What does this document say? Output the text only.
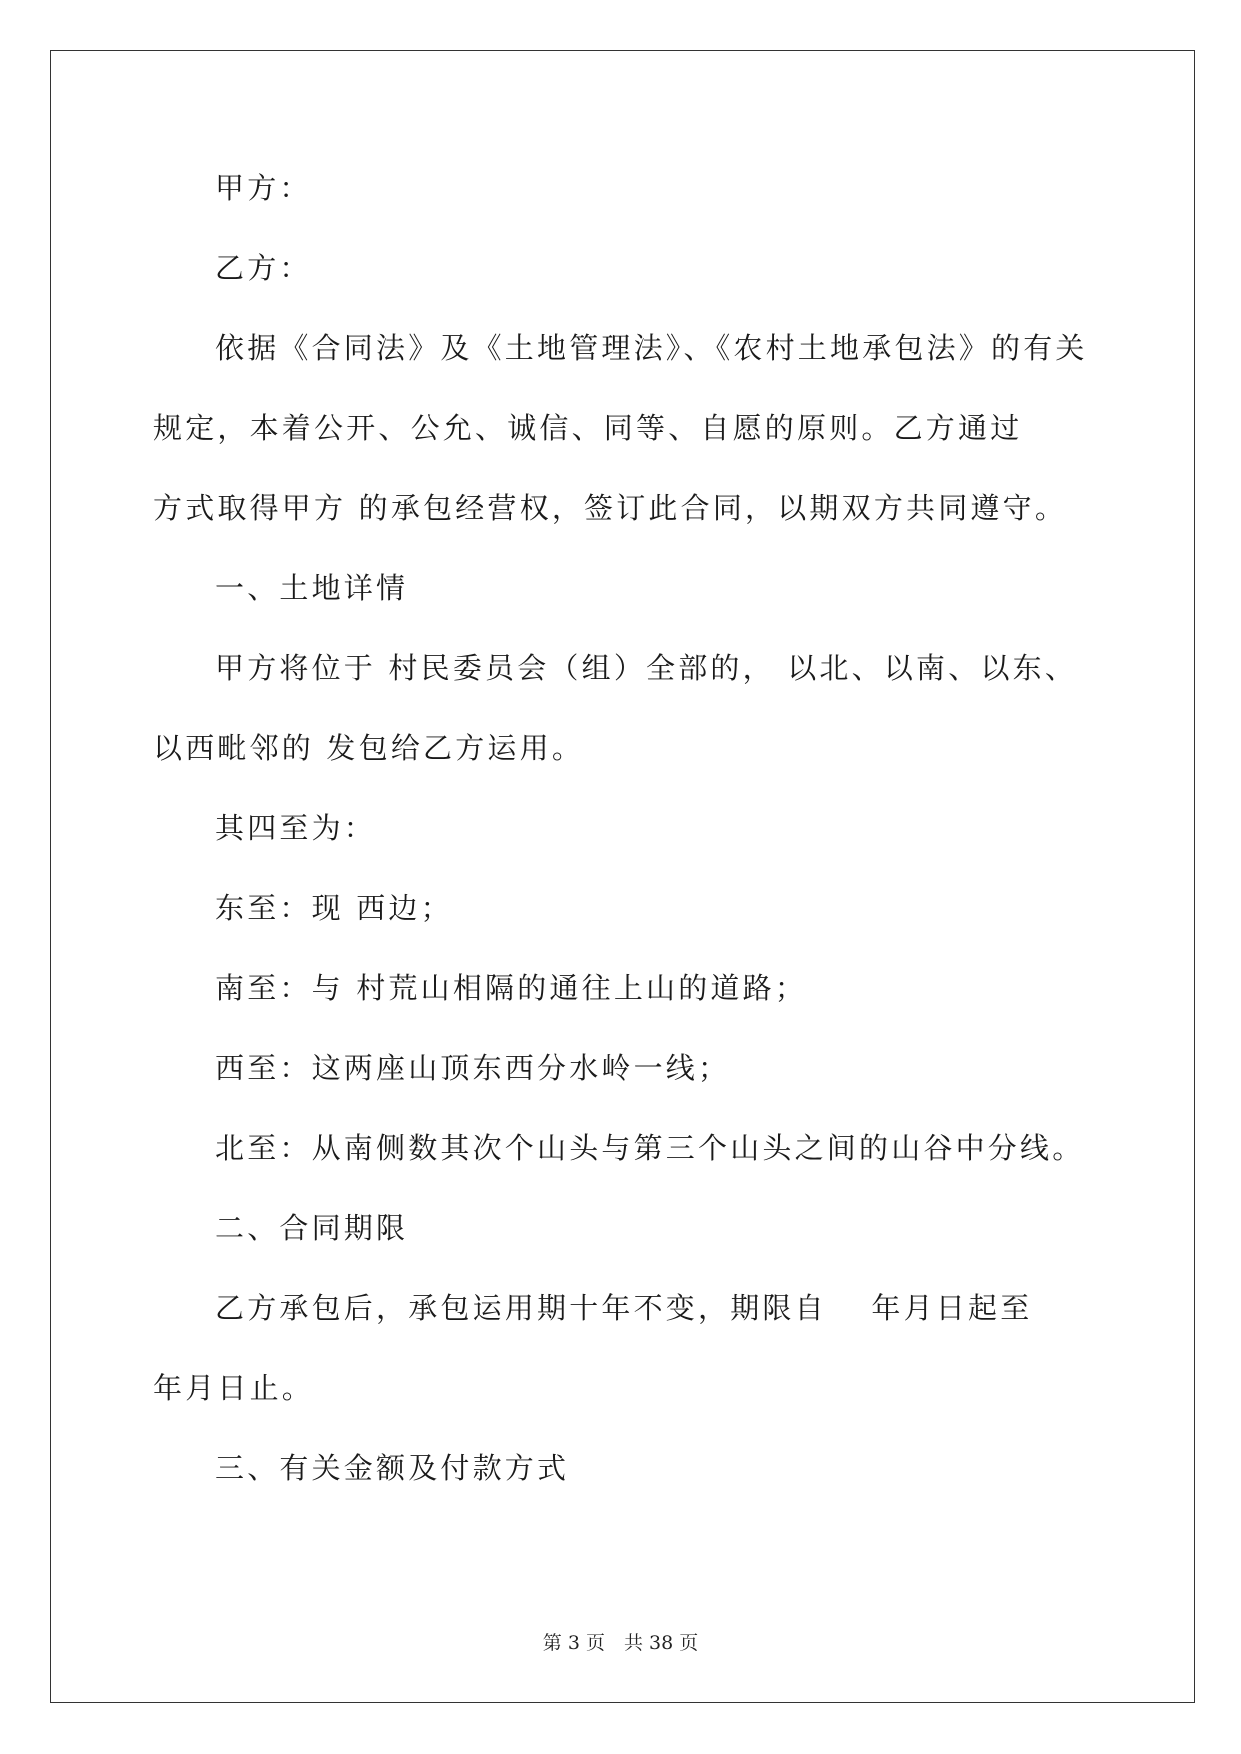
甲方：

乙方：

依据《合同法》及《土地管理法》、《农村土地承包法》的有关规定，本着公开、公允、诚信、同等、自愿的原则。乙方通过　　方式取得甲方 的承包经营权，签订此合同，以期双方共同遵守。

一、土地详情

甲方将位于 村民委员会（组）全部的， 以北、以南、以东、以西毗邻的 发包给乙方运用。

其四至为：

东至：现 西边；

南至：与 村荒山相隔的通往上山的道路；

西至：这两座山顶东西分水岭一线；

北至：从南侧数其次个山头与第三个山头之间的山谷中分线。

二、合同期限

乙方承包后，承包运用期十年不变，期限自　 年月日起至　　年月日止。

三、有关金额及付款方式

第 3 页　共 38 页
